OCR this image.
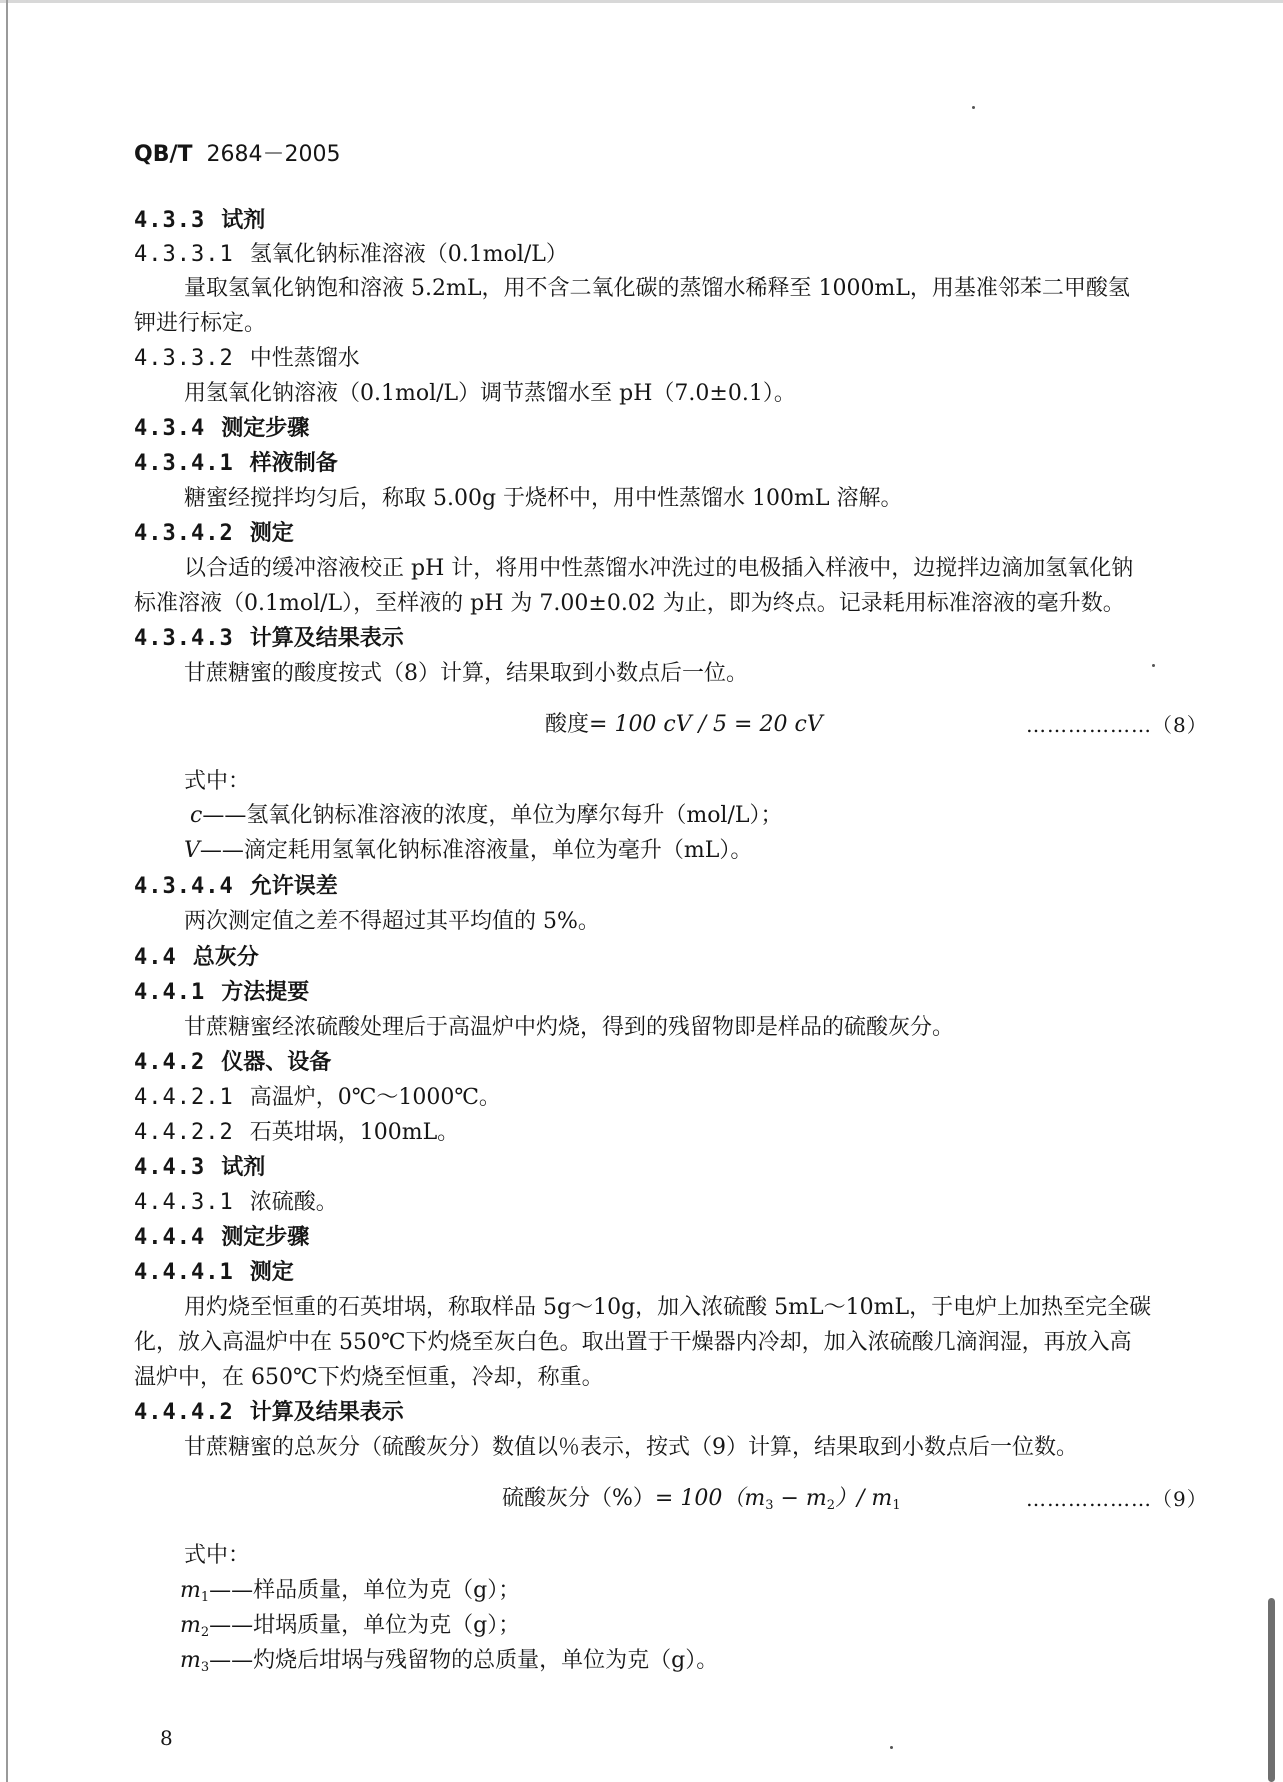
QB/T 2684－2005
4.3.3 试剂
4.3.3.1 氢氧化钠标准溶液（0.1mol/L）
量取氢氧化钠饱和溶液 5.2mL，用不含二氧化碳的蒸馏水稀释至 1000mL，用基准邻苯二甲酸氢
钾进行标定。
4.3.3.2 中性蒸馏水
用氢氧化钠溶液（0.1mol/L）调节蒸馏水至 pH（7.0±0.1）。
4.3.4 测定步骤
4.3.4.1 样液制备
糖蜜经搅拌均匀后，称取 5.00g 于烧杯中，用中性蒸馏水 100mL 溶解。
4.3.4.2 测定
以合适的缓冲溶液校正 pH 计，将用中性蒸馏水冲洗过的电极插入样液中，边搅拌边滴加氢氧化钠
标准溶液（0.1mol/L），至样液的 pH 为 7.00±0.02 为止，即为终点。记录耗用标准溶液的毫升数。
4.3.4.3 计算及结果表示
甘蔗糖蜜的酸度按式（8）计算，结果取到小数点后一位。
酸度= 100 cV / 5 = 20 cV	………………（8）
式中：
c——氢氧化钠标准溶液的浓度，单位为摩尔每升（mol/L）；
V——滴定耗用氢氧化钠标准溶液量，单位为毫升（mL）。
4.3.4.4 允许误差
两次测定值之差不得超过其平均值的 5%。
4.4 总灰分
4.4.1 方法提要
甘蔗糖蜜经浓硫酸处理后于高温炉中灼烧，得到的残留物即是样品的硫酸灰分。
4.4.2 仪器、设备
4.4.2.1 高温炉，0℃～1000℃。
4.4.2.2 石英坩埚，100mL。
4.4.3 试剂
4.4.3.1 浓硫酸。
4.4.4 测定步骤
4.4.4.1 测定
用灼烧至恒重的石英坩埚，称取样品 5g～10g，加入浓硫酸 5mL～10mL，于电炉上加热至完全碳
化，放入高温炉中在 550℃下灼烧至灰白色。取出置于干燥器内冷却，加入浓硫酸几滴润湿，再放入高
温炉中，在 650℃下灼烧至恒重，冷却，称重。
4.4.4.2 计算及结果表示
甘蔗糖蜜的总灰分（硫酸灰分）数值以％表示，按式（9）计算，结果取到小数点后一位数。
硫酸灰分（%）= $100(m_3 - m_2)/$ $m_1$	………………（9）
式中：
$m_1——$样品质量，单位为克（g）；
$m_2——$坩埚质量，单位为克（g）；
$m_3——$灼烧后坩埚与残留物的总质量，单位为克（g）。
8
